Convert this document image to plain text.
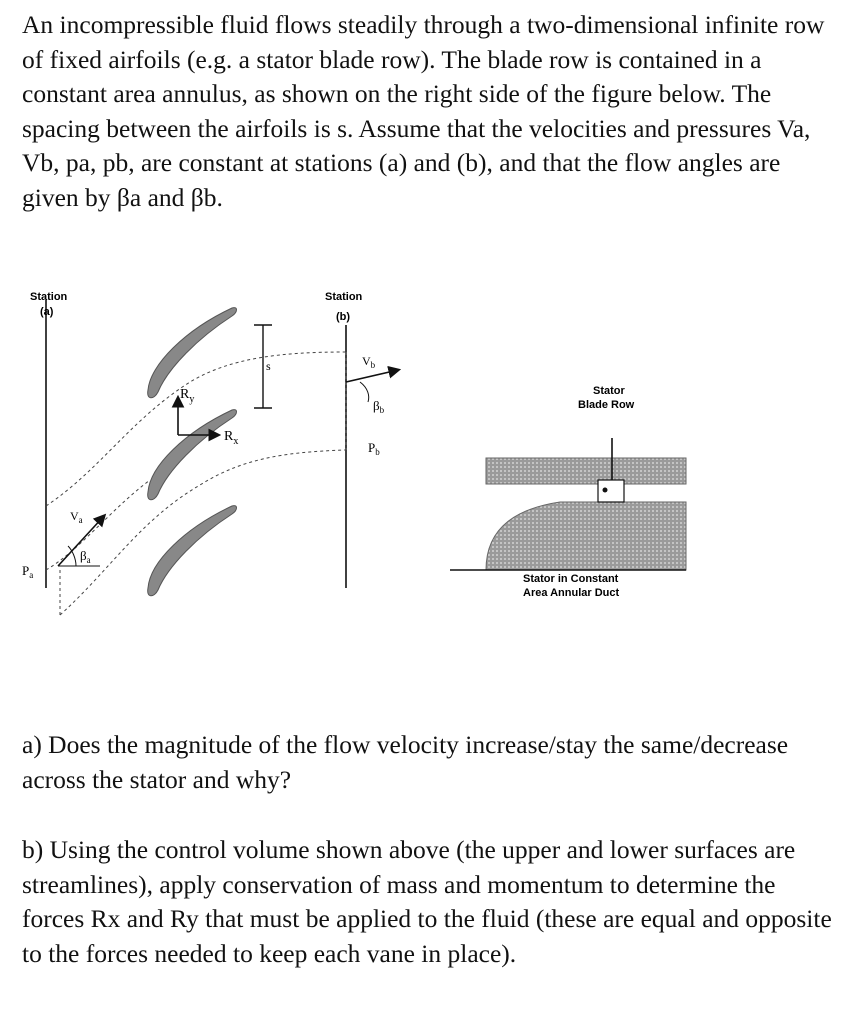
An incompressible fluid flows steadily through a two-dimensional infinite row of fixed airfoils (e.g. a stator blade row). The blade row is contained in a constant area annulus, as shown on the right side of the figure below. The spacing between the airfoils is s. Assume that the velocities and pressures Va, Vb, pa, pb, are constant at stations (a) and (b), and that the flow angles are given by βa and βb.

Station
(a)
Station
(b)
s
$R_y$
$R_x$
$V_b$
$\beta_b$
$P_b$
$V_a$
$\beta_a$
$P_a$
Stator
Blade Row
Stator in Constant
Area Annular Duct

a) Does the magnitude of the flow velocity increase/stay the same/decrease across the stator and why?

b) Using the control volume shown above (the upper and lower surfaces are streamlines), apply conservation of mass and momentum to determine the forces Rx and Ry that must be applied to the fluid (these are equal and opposite to the forces needed to keep each vane in place).
